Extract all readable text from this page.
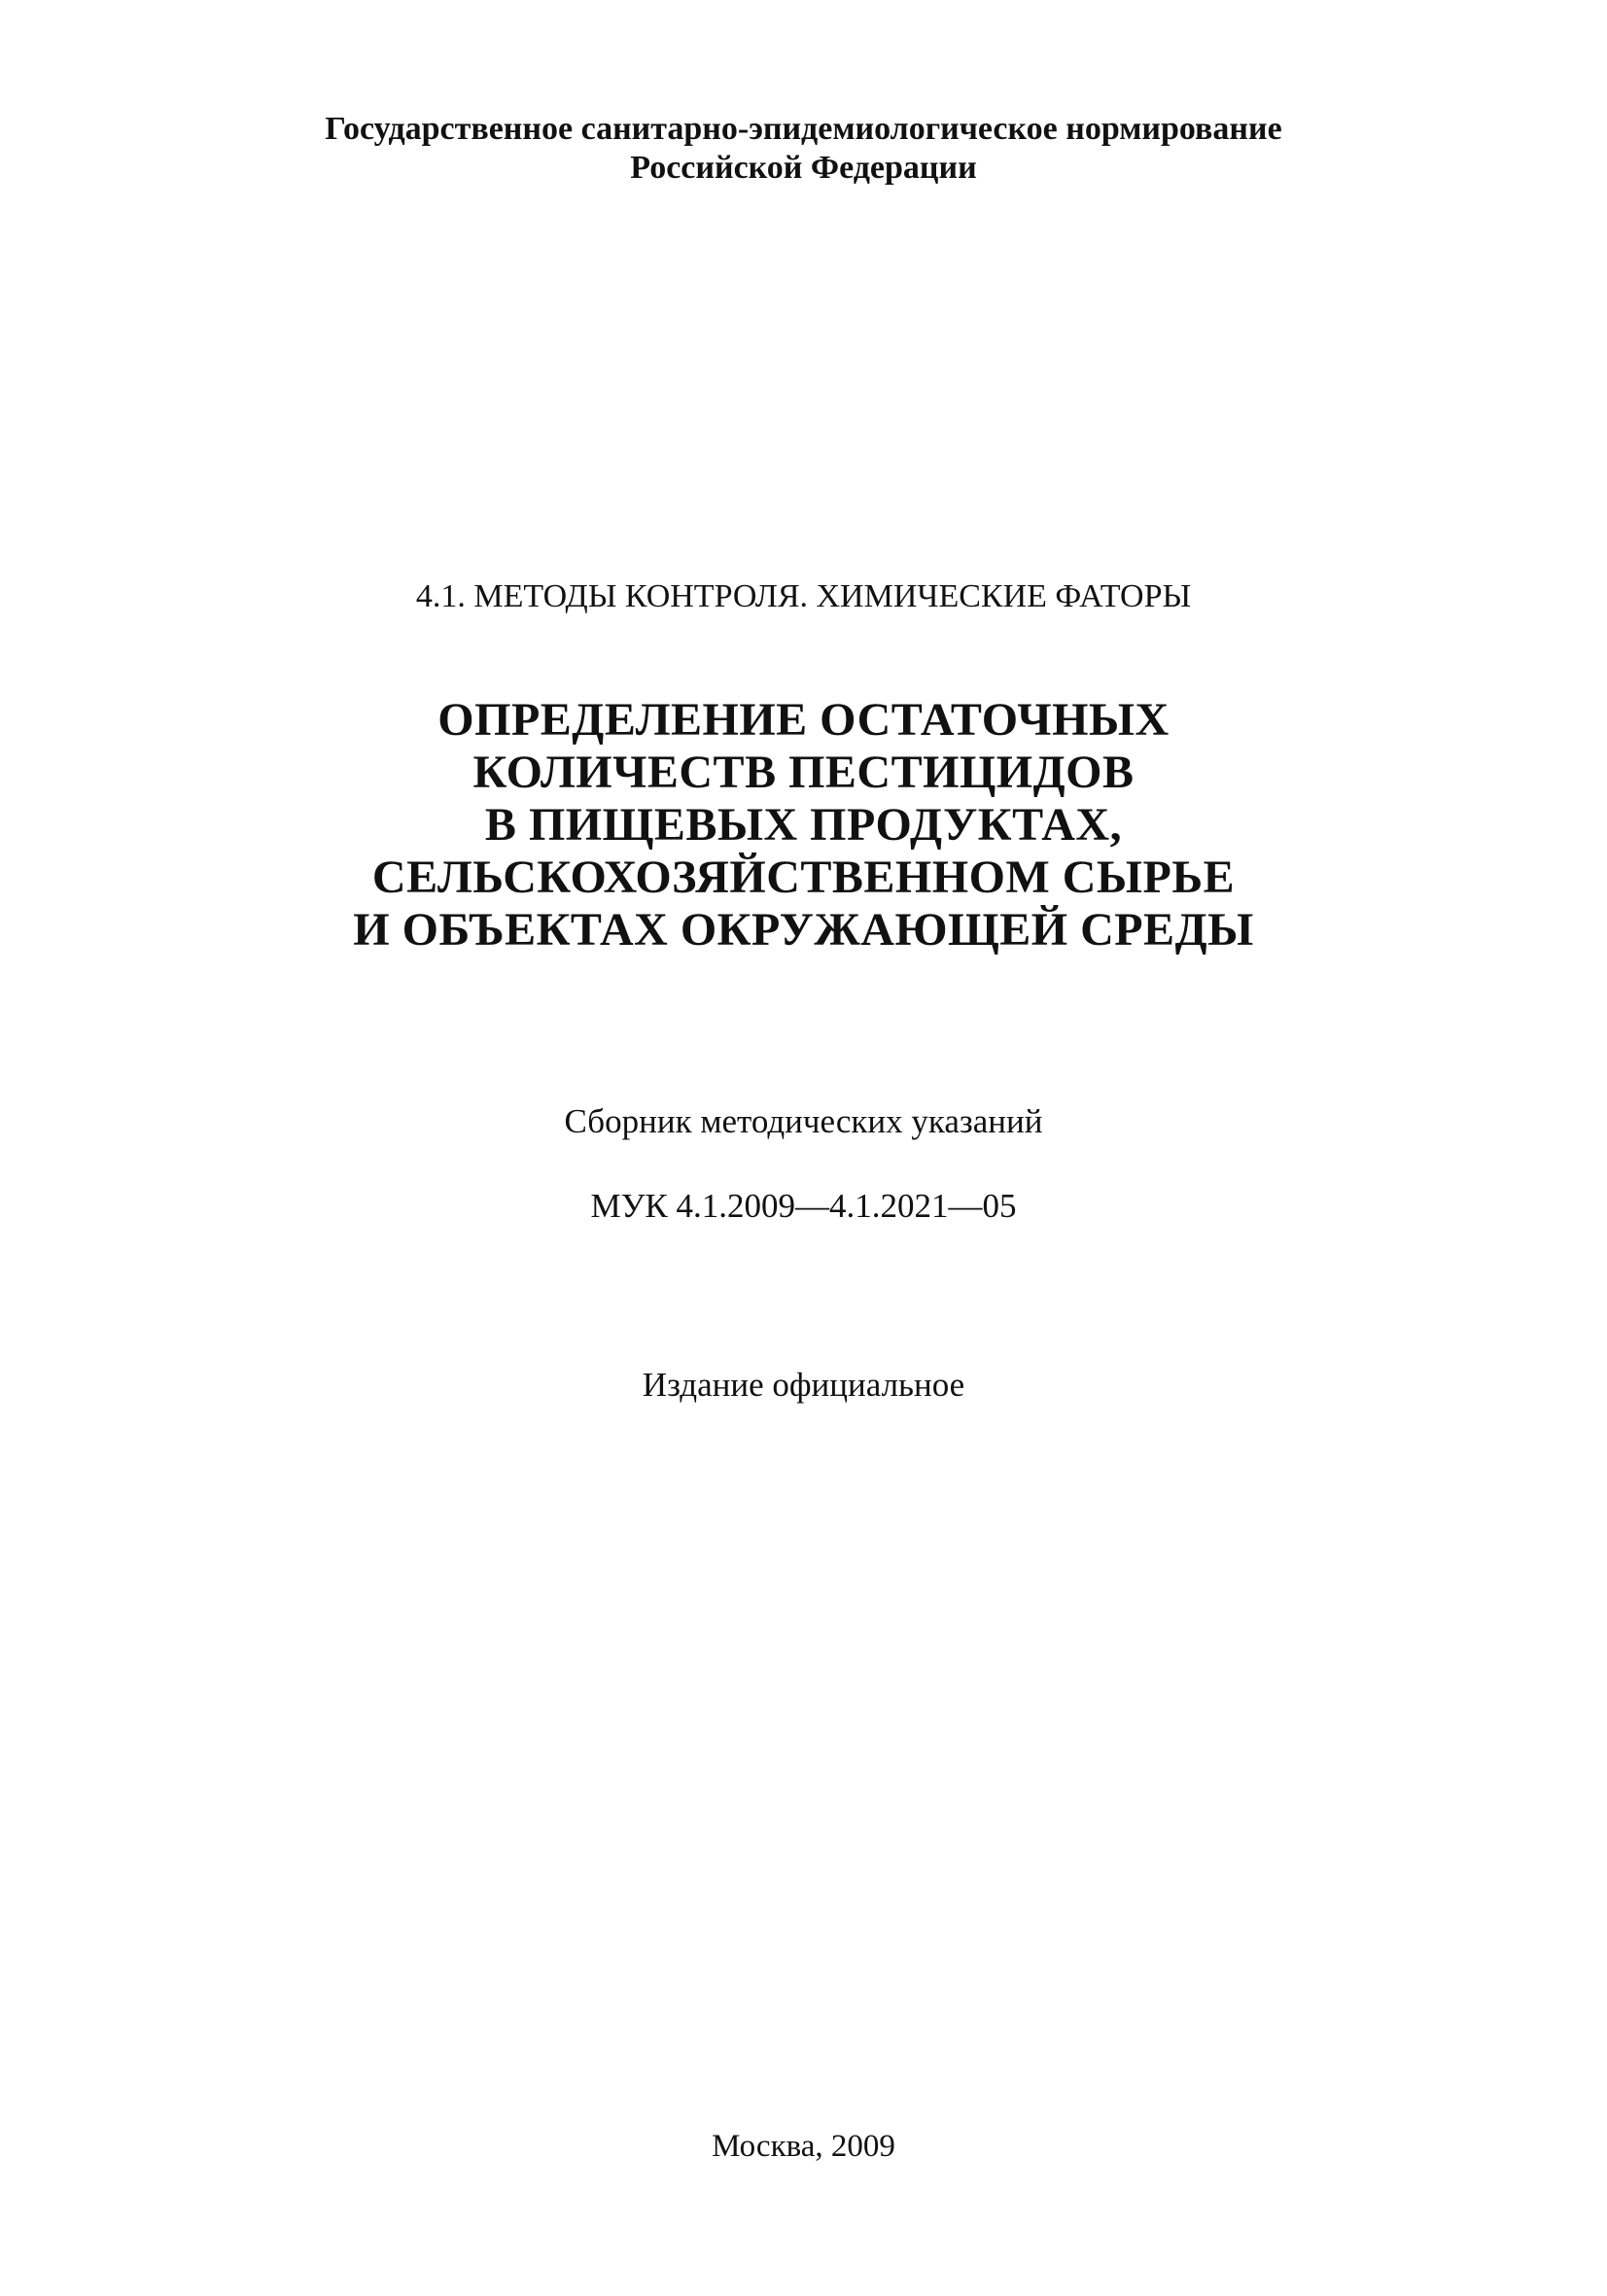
Государственное санитарно-эпидемиологическое нормирование
Российской Федерации
4.1. МЕТОДЫ КОНТРОЛЯ. ХИМИЧЕСКИЕ ФАТОРЫ
ОПРЕДЕЛЕНИЕ ОСТАТОЧНЫХ
КОЛИЧЕСТВ ПЕСТИЦИДОВ
В ПИЩЕВЫХ ПРОДУКТАХ,
СЕЛЬСКОХОЗЯЙСТВЕННОМ СЫРЬЕ
И ОБЪЕКТАХ ОКРУЖАЮЩЕЙ СРЕДЫ
Сборник методических указаний
МУК 4.1.2009—4.1.2021—05
Издание официальное
Москва, 2009
